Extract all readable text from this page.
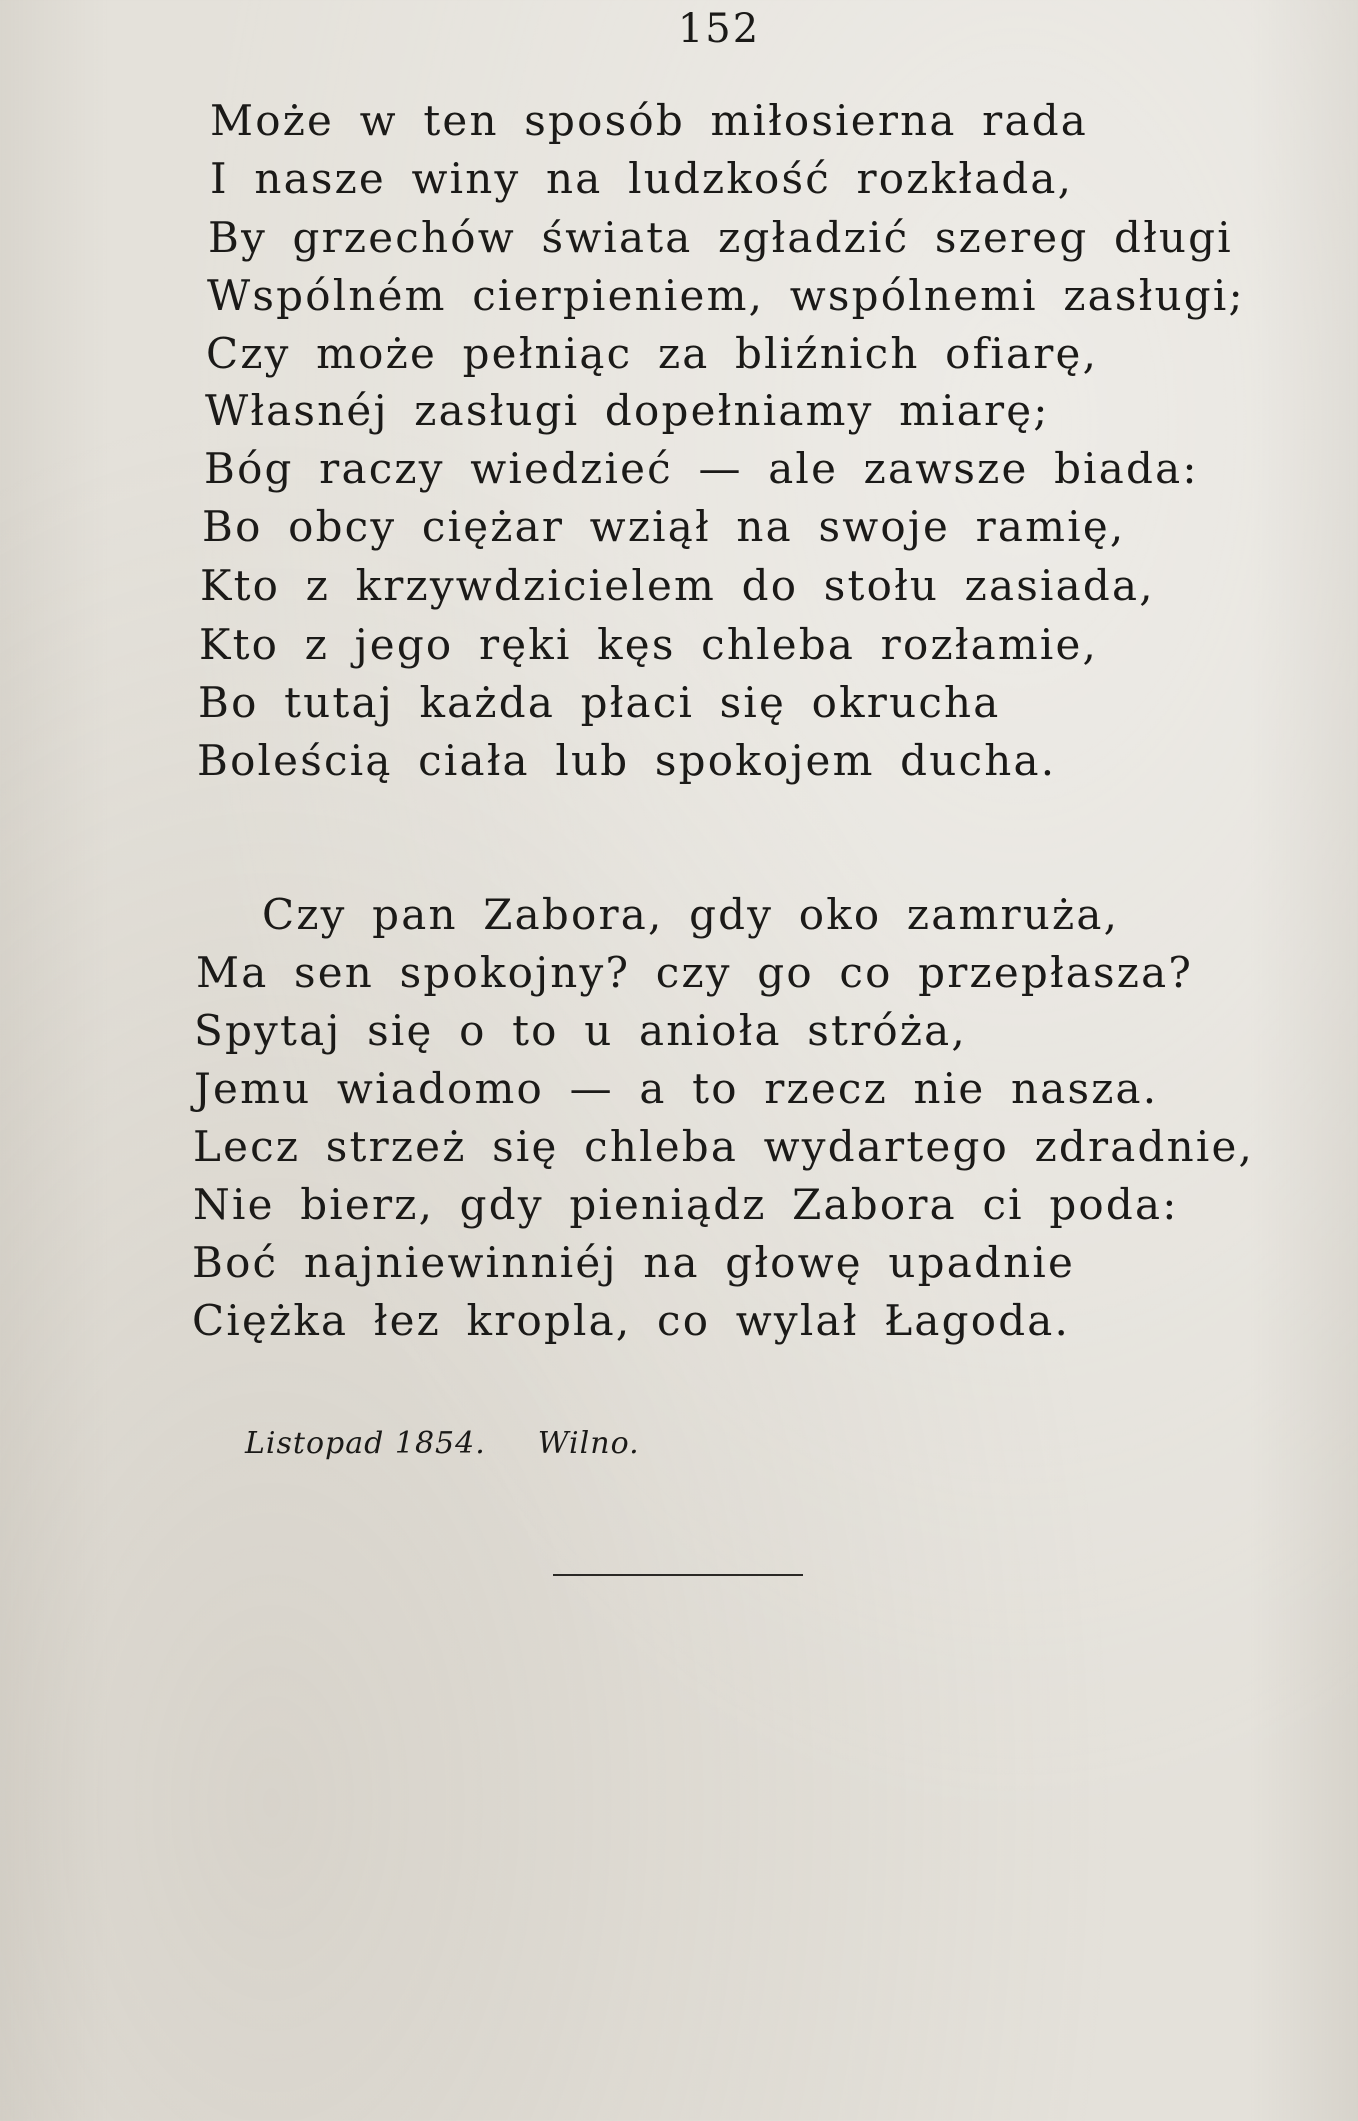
152
Może w ten sposób miłosierna rada
I nasze winy na ludzkość rozkłada,
By grzechów świata zgładzić szereg długi
Wspólném cierpieniem, wspólnemi zasługi;
Czy może pełniąc za bliźnich ofiarę,
Własnéj zasługi dopełniamy miarę;
Bóg raczy wiedzieć — ale zawsze biada:
Bo obcy ciężar wziął na swoje ramię,
Kto z krzywdzicielem do stołu zasiada,
Kto z jego ręki kęs chleba rozłamie,
Bo tutaj każda płaci się okrucha
Boleścią ciała lub spokojem ducha.
Czy pan Zabora, gdy oko zamruża,
Ma sen spokojny? czy go co przepłasza?
Spytaj się o to u anioła stróża,
Jemu wiadomo — a to rzecz nie nasza.
Lecz strzeż się chleba wydartego zdradnie,
Nie bierz, gdy pieniądz Zabora ci poda:
Boć najniewinniéj na głowę upadnie
Ciężka łez kropla, co wylał Łagoda.
Listopad 1854. Wilno.
